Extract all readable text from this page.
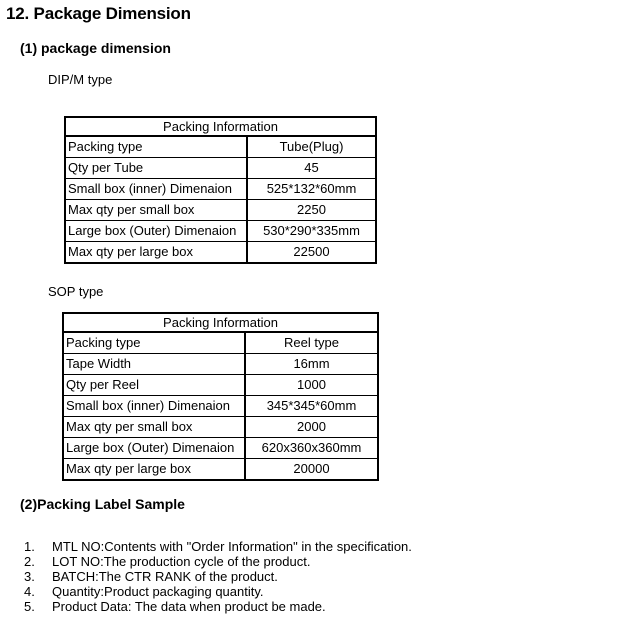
12. Package Dimension
(1) package dimension
DIP/M type
Packing Information	
Packing type	Tube(Plug)
Qty per Tube	45
Small box (inner) Dimenaion	525*132*60mm
Max qty per small box	2250
Large box (Outer) Dimenaion	530*290*335mm
Max qty per large box	22500
SOP type
Packing Information	
Packing type	Reel type
Tape Width	16mm
Qty per Reel	1000
Small box (inner) Dimenaion	345*345*60mm
Max qty per small box	2000
Large box (Outer) Dimenaion	620x360x360mm
Max qty per large box	20000
(2)Packing Label Sample
1.	MTL NO:Contents with "Order Information" in the specification.
2.	LOT NO:The production cycle of the product.
3.	BATCH:The CTR RANK of the product.
4.	Quantity:Product packaging quantity.
5.	Product Data: The data when product be made.
